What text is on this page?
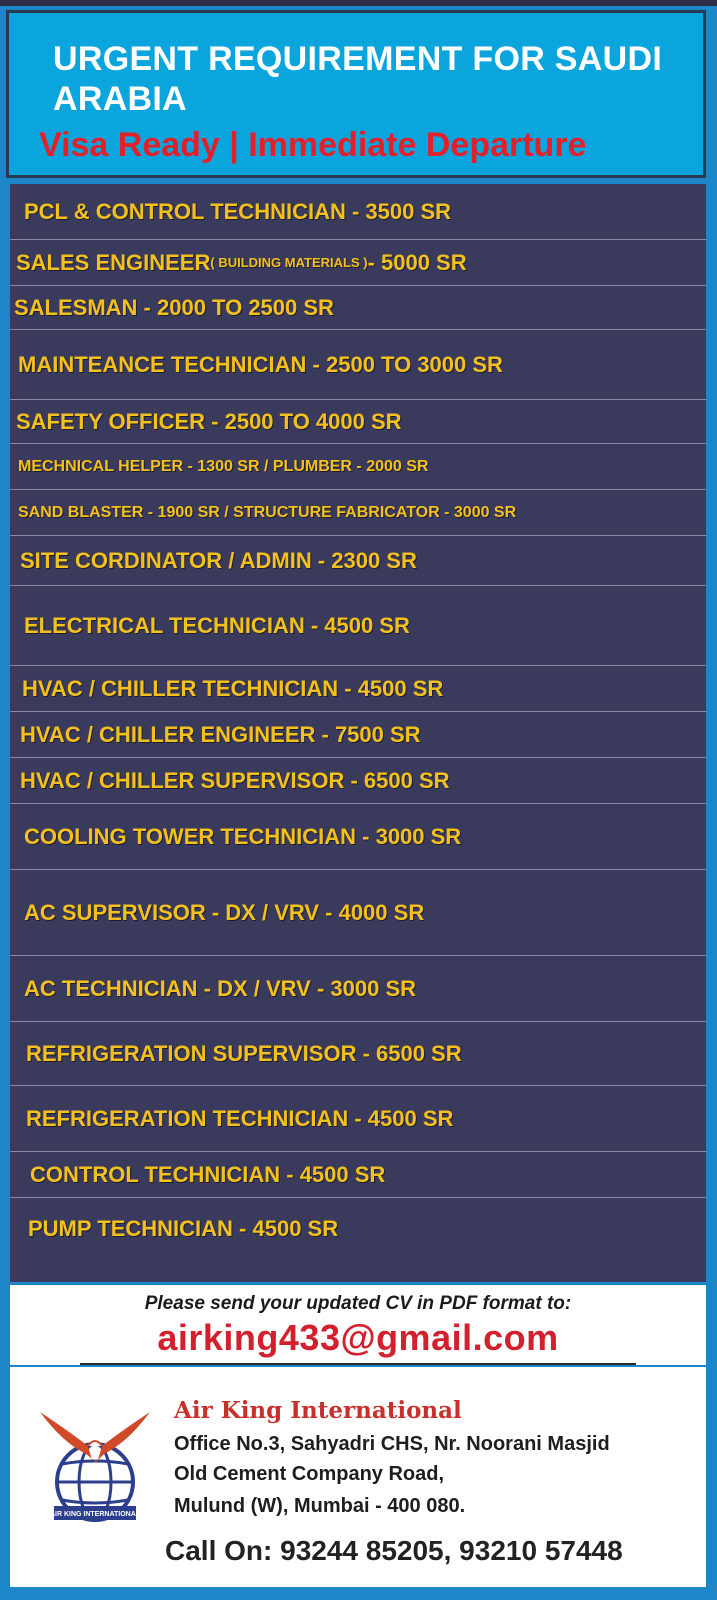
URGENT REQUIREMENT FOR SAUDI ARABIA
Visa Ready | Immediate Departure
PCL & CONTROL TECHNICIAN - 3500 SR
SALES ENGINEER ( BUILDING MATERIALS ) - 5000 SR
SALESMAN - 2000 TO 2500 SR
MAINTEANCE TECHNICIAN - 2500 TO 3000 SR
SAFETY OFFICER - 2500 TO 4000 SR
MECHNICAL HELPER - 1300 SR / PLUMBER - 2000 SR
SAND BLASTER - 1900 SR / STRUCTURE FABRICATOR - 3000 SR
SITE CORDINATOR / ADMIN - 2300 SR
ELECTRICAL TECHNICIAN - 4500 SR
HVAC / CHILLER TECHNICIAN - 4500 SR
HVAC / CHILLER ENGINEER - 7500 SR
HVAC / CHILLER SUPERVISOR - 6500 SR
COOLING TOWER TECHNICIAN - 3000 SR
AC SUPERVISOR - DX / VRV - 4000 SR
AC TECHNICIAN - DX / VRV - 3000 SR
REFRIGERATION SUPERVISOR - 6500 SR
REFRIGERATION TECHNICIAN - 4500 SR
CONTROL TECHNICIAN - 4500 SR
PUMP TECHNICIAN - 4500 SR
Please send your updated CV in PDF format to:
airking433@gmail.com
AIR KING INTERNATIONAL
Air King International
Office No.3, Sahyadri CHS, Nr. Noorani Masjid
Old Cement Company Road,
Mulund (W), Mumbai - 400 080.
Call On: 93244 85205, 93210 57448
